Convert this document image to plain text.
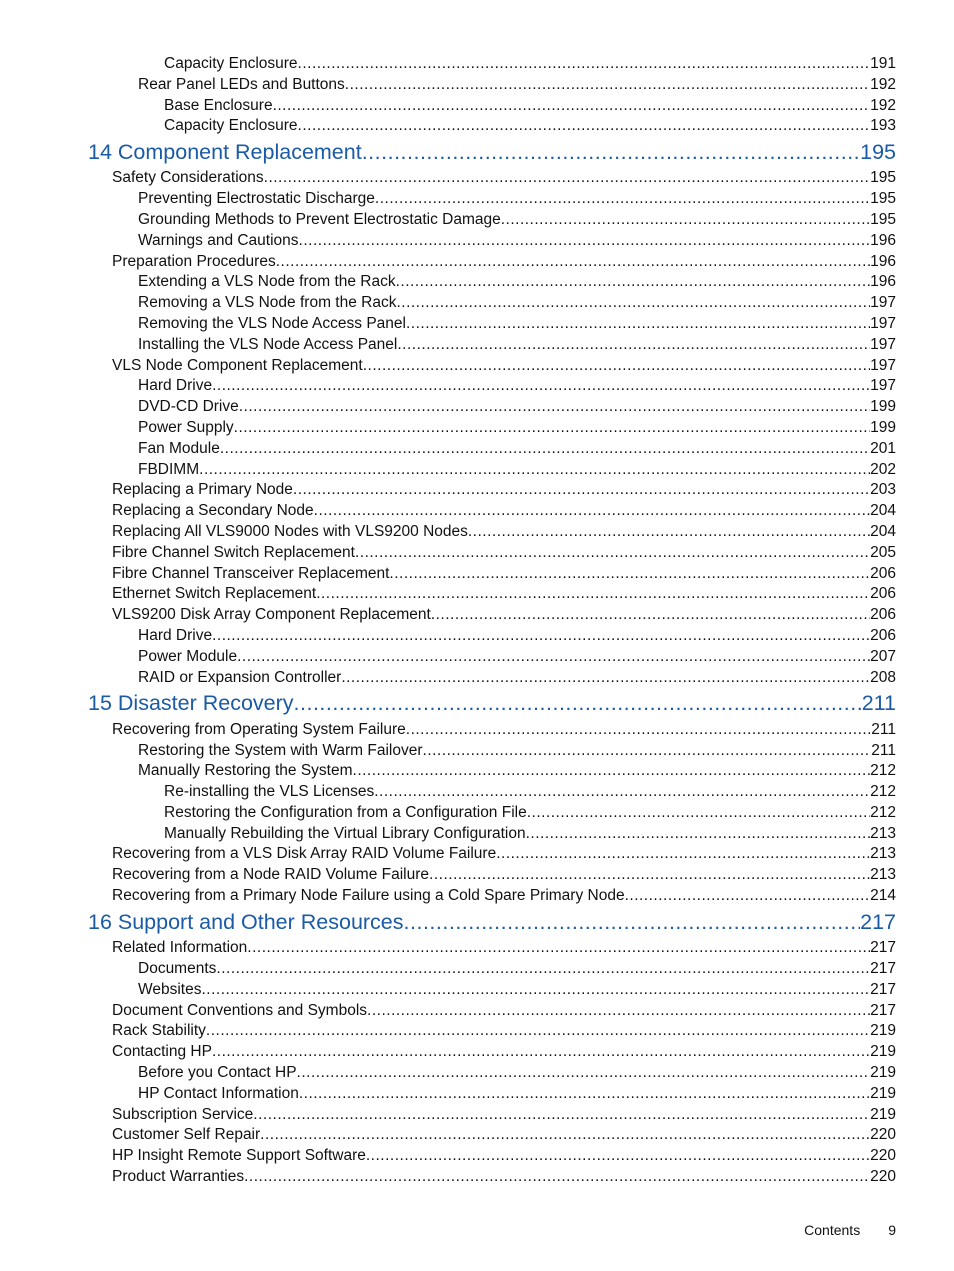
Capacity Enclosure .....	191
Rear Panel LEDs and Buttons .....	192
Base Enclosure .....	192
Capacity Enclosure .....	193
14 Component Replacement .....	195
Safety Considerations .....	195
Preventing Electrostatic Discharge .....	195
Grounding Methods to Prevent Electrostatic Damage .....	195
Warnings and Cautions .....	196
Preparation Procedures .....	196
Extending a VLS Node from the Rack .....	196
Removing a VLS Node from the Rack .....	197
Removing the VLS Node Access Panel .....	197
Installing the VLS Node Access Panel .....	197
VLS Node Component Replacement .....	197
Hard Drive .....	197
DVD-CD Drive .....	199
Power Supply .....	199
Fan Module .....	201
FBDIMM .....	202
Replacing a Primary Node .....	203
Replacing a Secondary Node .....	204
Replacing All VLS9000 Nodes with VLS9200 Nodes .....	204
Fibre Channel Switch Replacement .....	205
Fibre Channel Transceiver Replacement .....	206
Ethernet Switch Replacement .....	206
VLS9200 Disk Array Component Replacement .....	206
Hard Drive .....	206
Power Module .....	207
RAID or Expansion Controller .....	208
15 Disaster Recovery .....	211
Recovering from Operating System Failure .....	211
Restoring the System with Warm Failover .....	211
Manually Restoring the System .....	212
Re-installing the VLS Licenses .....	212
Restoring the Configuration from a Configuration File .....	212
Manually Rebuilding the Virtual Library Configuration .....	213
Recovering from a VLS Disk Array RAID Volume Failure .....	213
Recovering from a Node RAID Volume Failure .....	213
Recovering from a Primary Node Failure using a Cold Spare Primary Node .....	214
16 Support and Other Resources .....	217
Related Information .....	217
Documents .....	217
Websites .....	217
Document Conventions and Symbols .....	217
Rack Stability .....	219
Contacting HP .....	219
Before you Contact HP .....	219
HP Contact Information .....	219
Subscription Service .....	219
Customer Self Repair .....	220
HP Insight Remote Support Software .....	220
Product Warranties .....	220
Contents 9
